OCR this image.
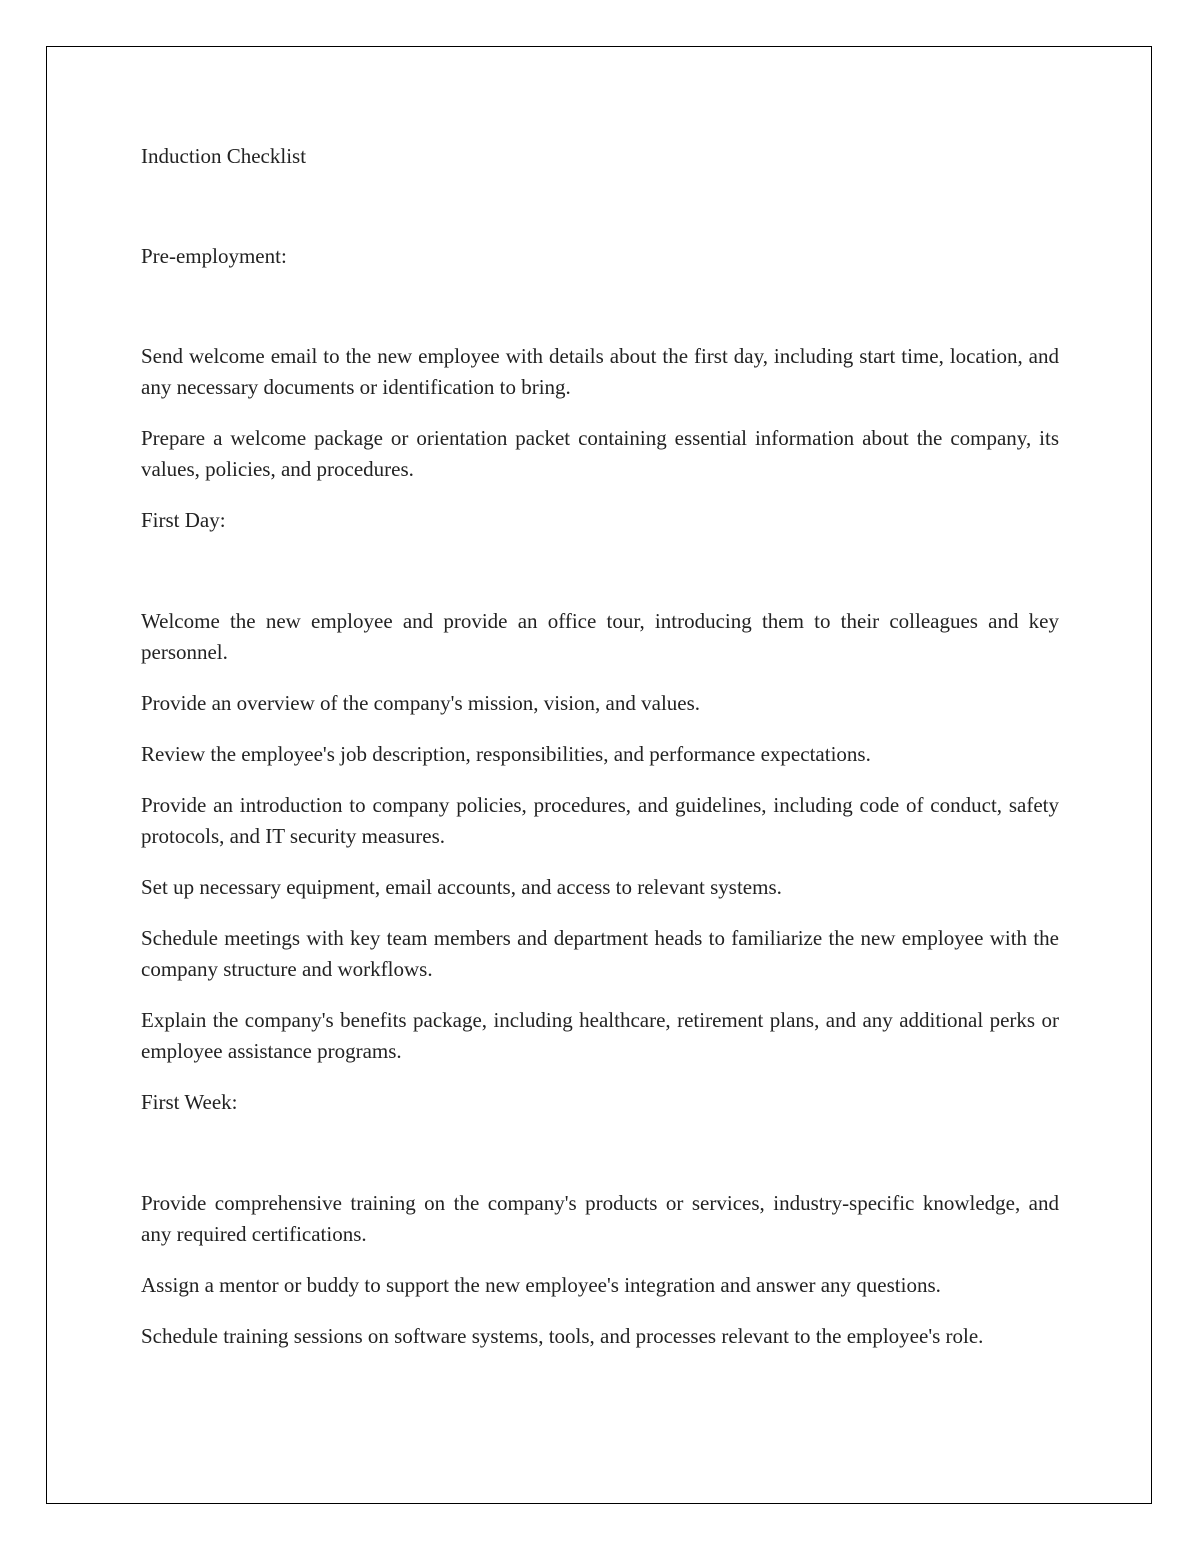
Induction Checklist

Pre-employment:

Send welcome email to the new employee with details about the first day, including start time, location, and any necessary documents or identification to bring.

Prepare a welcome package or orientation packet containing essential information about the company, its values, policies, and procedures.

First Day:

Welcome the new employee and provide an office tour, introducing them to their colleagues and key personnel.

Provide an overview of the company's mission, vision, and values.

Review the employee's job description, responsibilities, and performance expectations.

Provide an introduction to company policies, procedures, and guidelines, including code of conduct, safety protocols, and IT security measures.

Set up necessary equipment, email accounts, and access to relevant systems.

Schedule meetings with key team members and department heads to familiarize the new employee with the company structure and workflows.

Explain the company's benefits package, including healthcare, retirement plans, and any additional perks or employee assistance programs.

First Week:

Provide comprehensive training on the company's products or services, industry-specific knowledge, and any required certifications.

Assign a mentor or buddy to support the new employee's integration and answer any questions.

Schedule training sessions on software systems, tools, and processes relevant to the employee's role.
